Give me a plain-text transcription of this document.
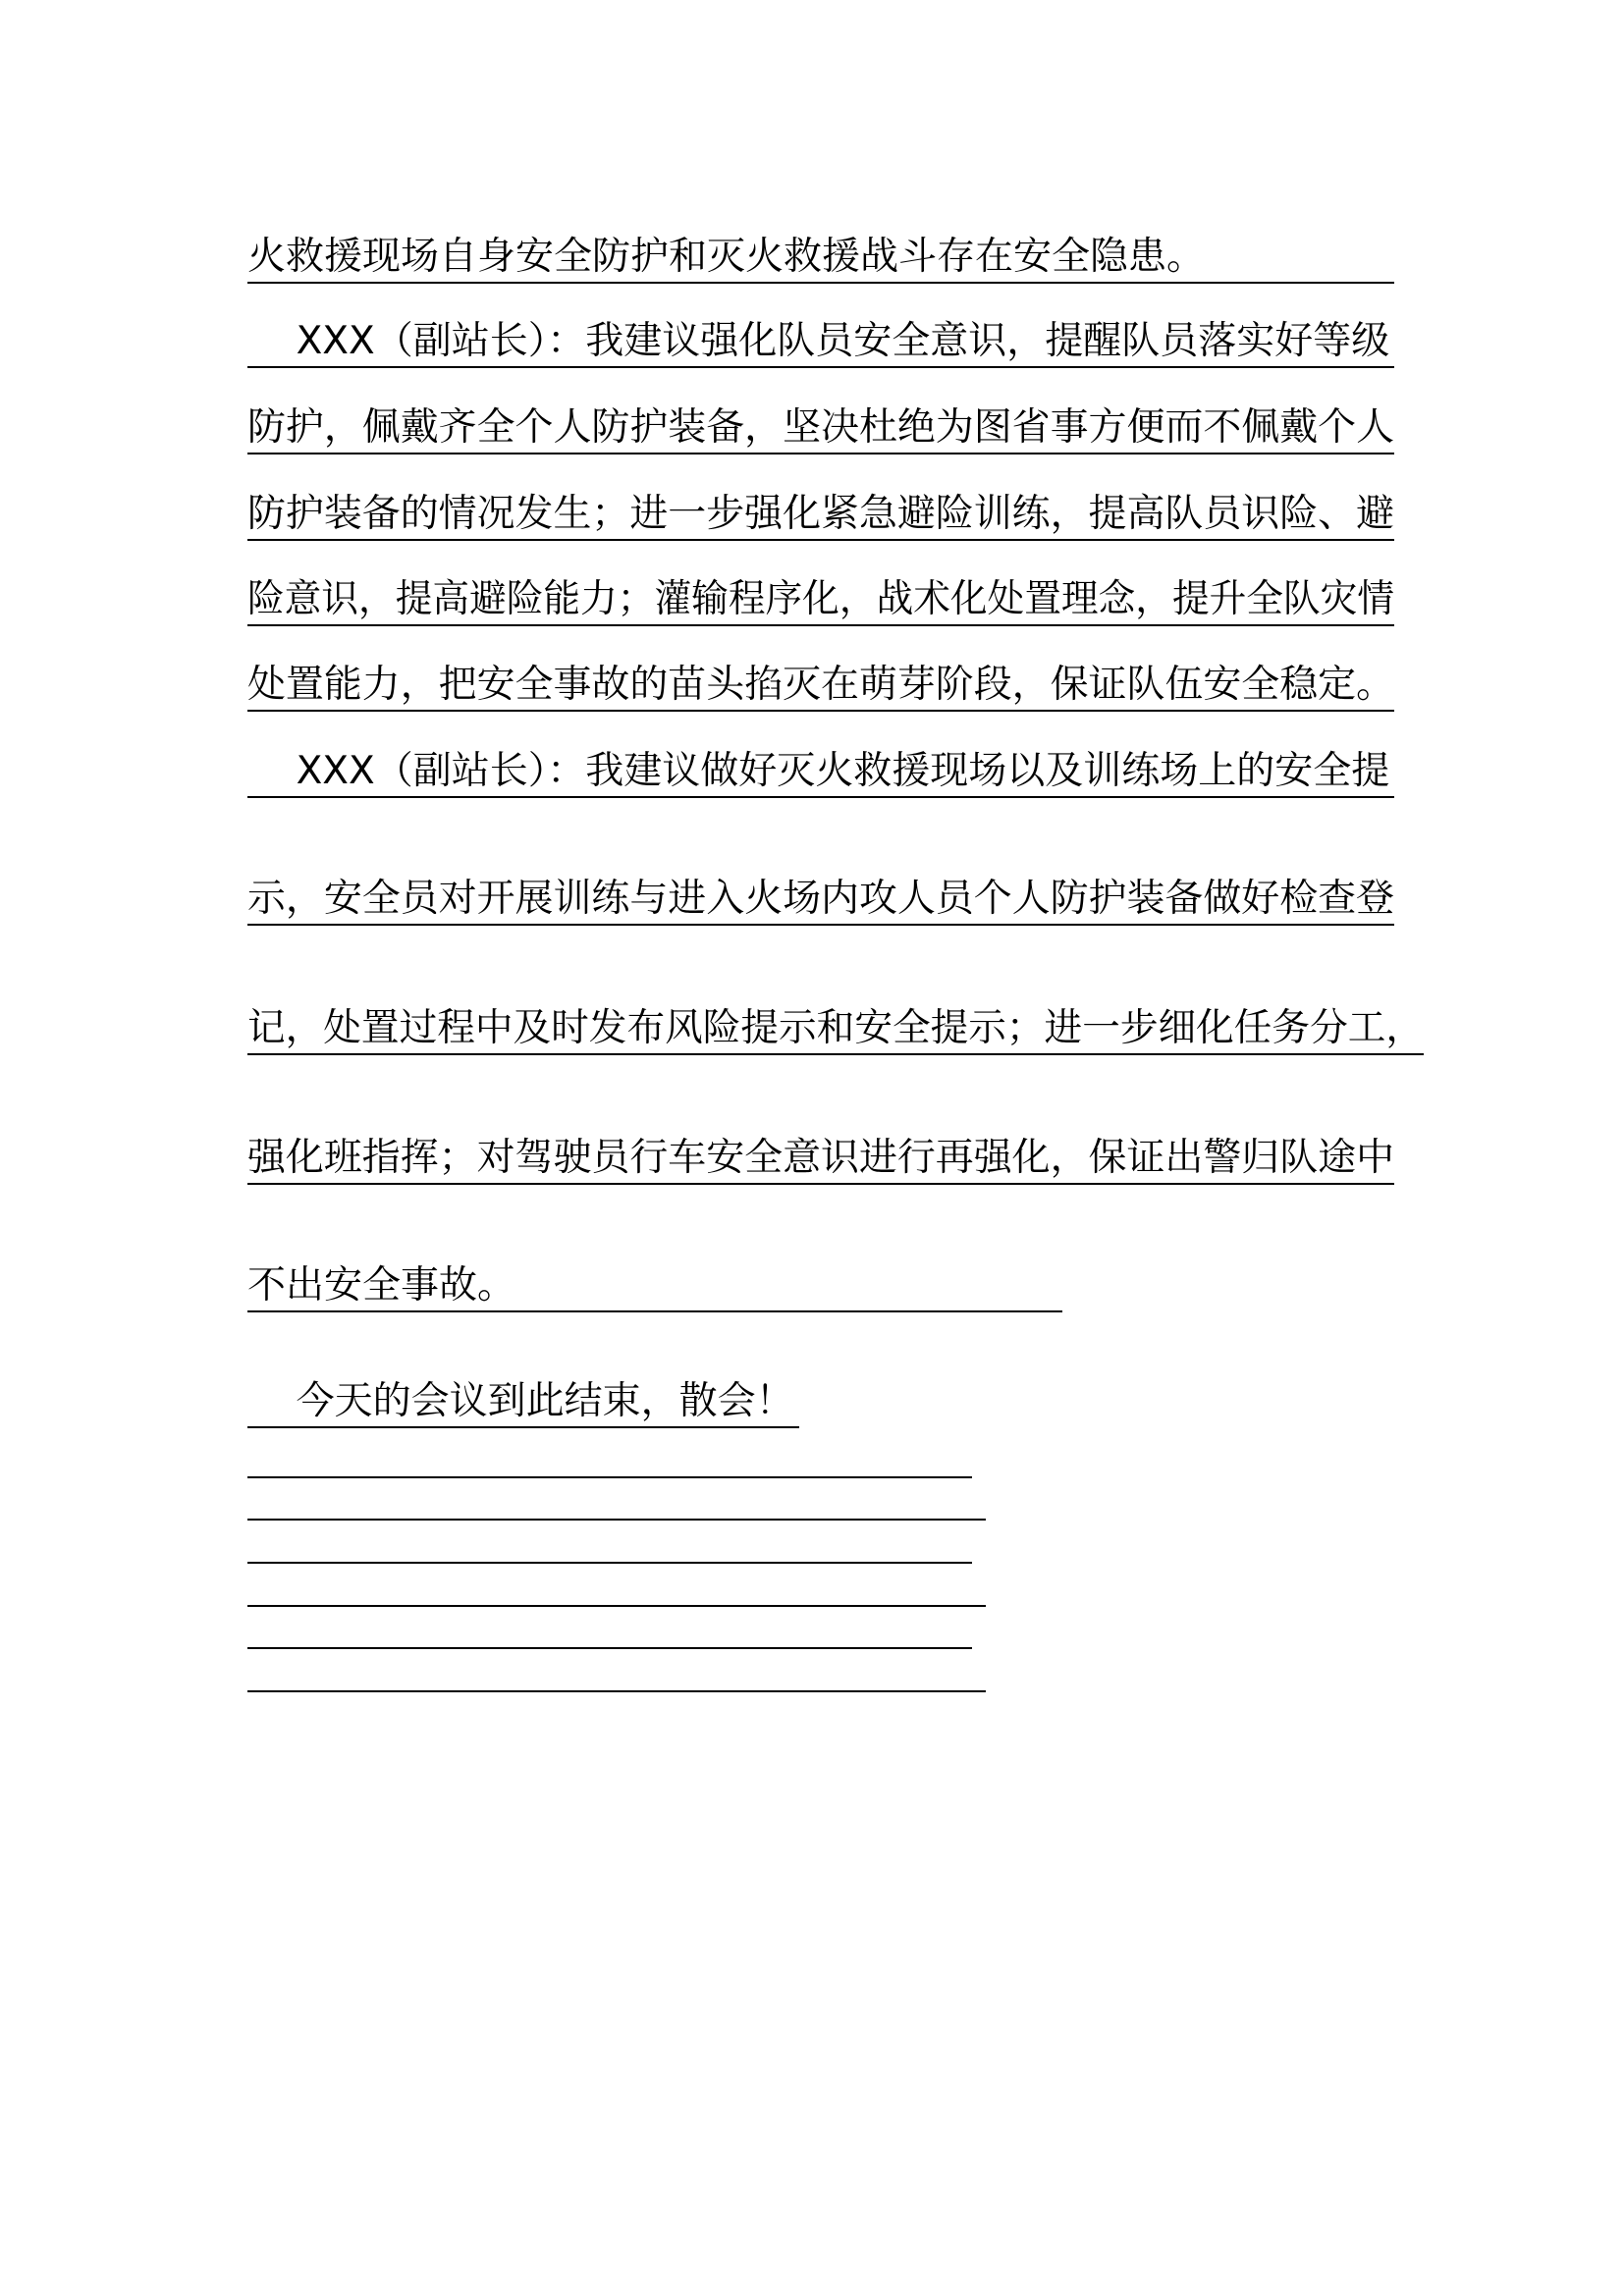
火救援现场自身安全防护和灭火救援战斗存在安全隐患。
XXX（副站长）：我建议强化队员安全意识，提醒队员落实好等级
防护，佩戴齐全个人防护装备，坚决杜绝为图省事方便而不佩戴个人
防护装备的情况发生；进一步强化紧急避险训练，提高队员识险、避
险意识，提高避险能力；灌输程序化，战术化处置理念，提升全队灾情
处置能力，把安全事故的苗头掐灭在萌芽阶段，保证队伍安全稳定。
XXX（副站长）：我建议做好灭火救援现场以及训练场上的安全提
示，安全员对开展训练与进入火场内攻人员个人防护装备做好检查登
记，处置过程中及时发布风险提示和安全提示；进一步细化任务分工，
强化班指挥；对驾驶员行车安全意识进行再强化，保证出警归队途中
不出安全事故。
今天的会议到此结束，散会！
